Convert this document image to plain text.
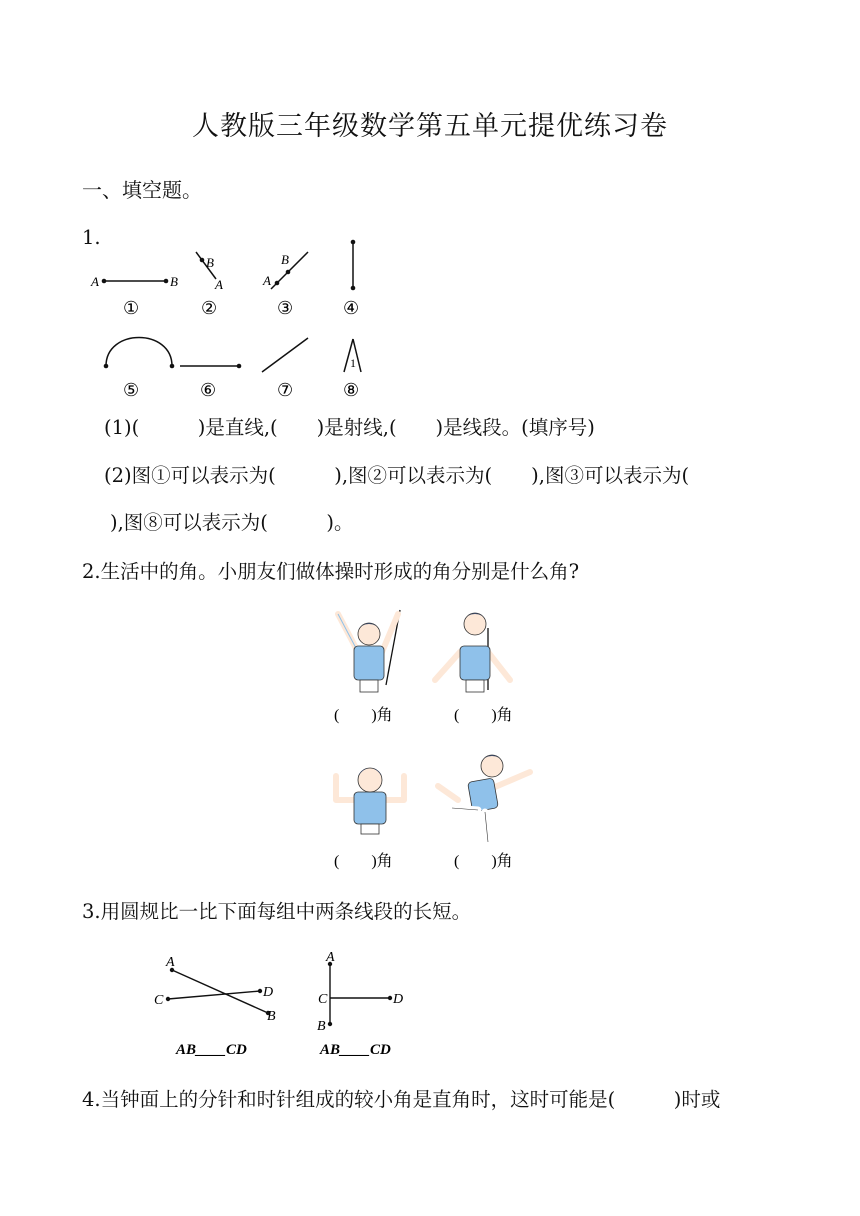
人教版三年级数学第五单元提优练习卷
一、填空题。
1.
A	B
①
B
A
②
A
B
③	④
⑤	⑥	⑦
1
⑧
(1)(　　　)是直线,(　　)是射线,(　　)是线段。(填序号)
(2)图①可以表示为(　　　),图②可以表示为(　　),图③可以表示为(
),图⑧可以表示为(　　　)。
2.生活中的角。小朋友们做体操时形成的角分别是什么角?
(　　)角	(　　)角
(　　)角	(　　)角
3.用圆规比一比下面每组中两条线段的长短。
A
C
D
B
AB____CD
A
C	D
B
AB____CD
4.当钟面上的分针和时针组成的较小角是直角时，这时可能是(　　　)时或
